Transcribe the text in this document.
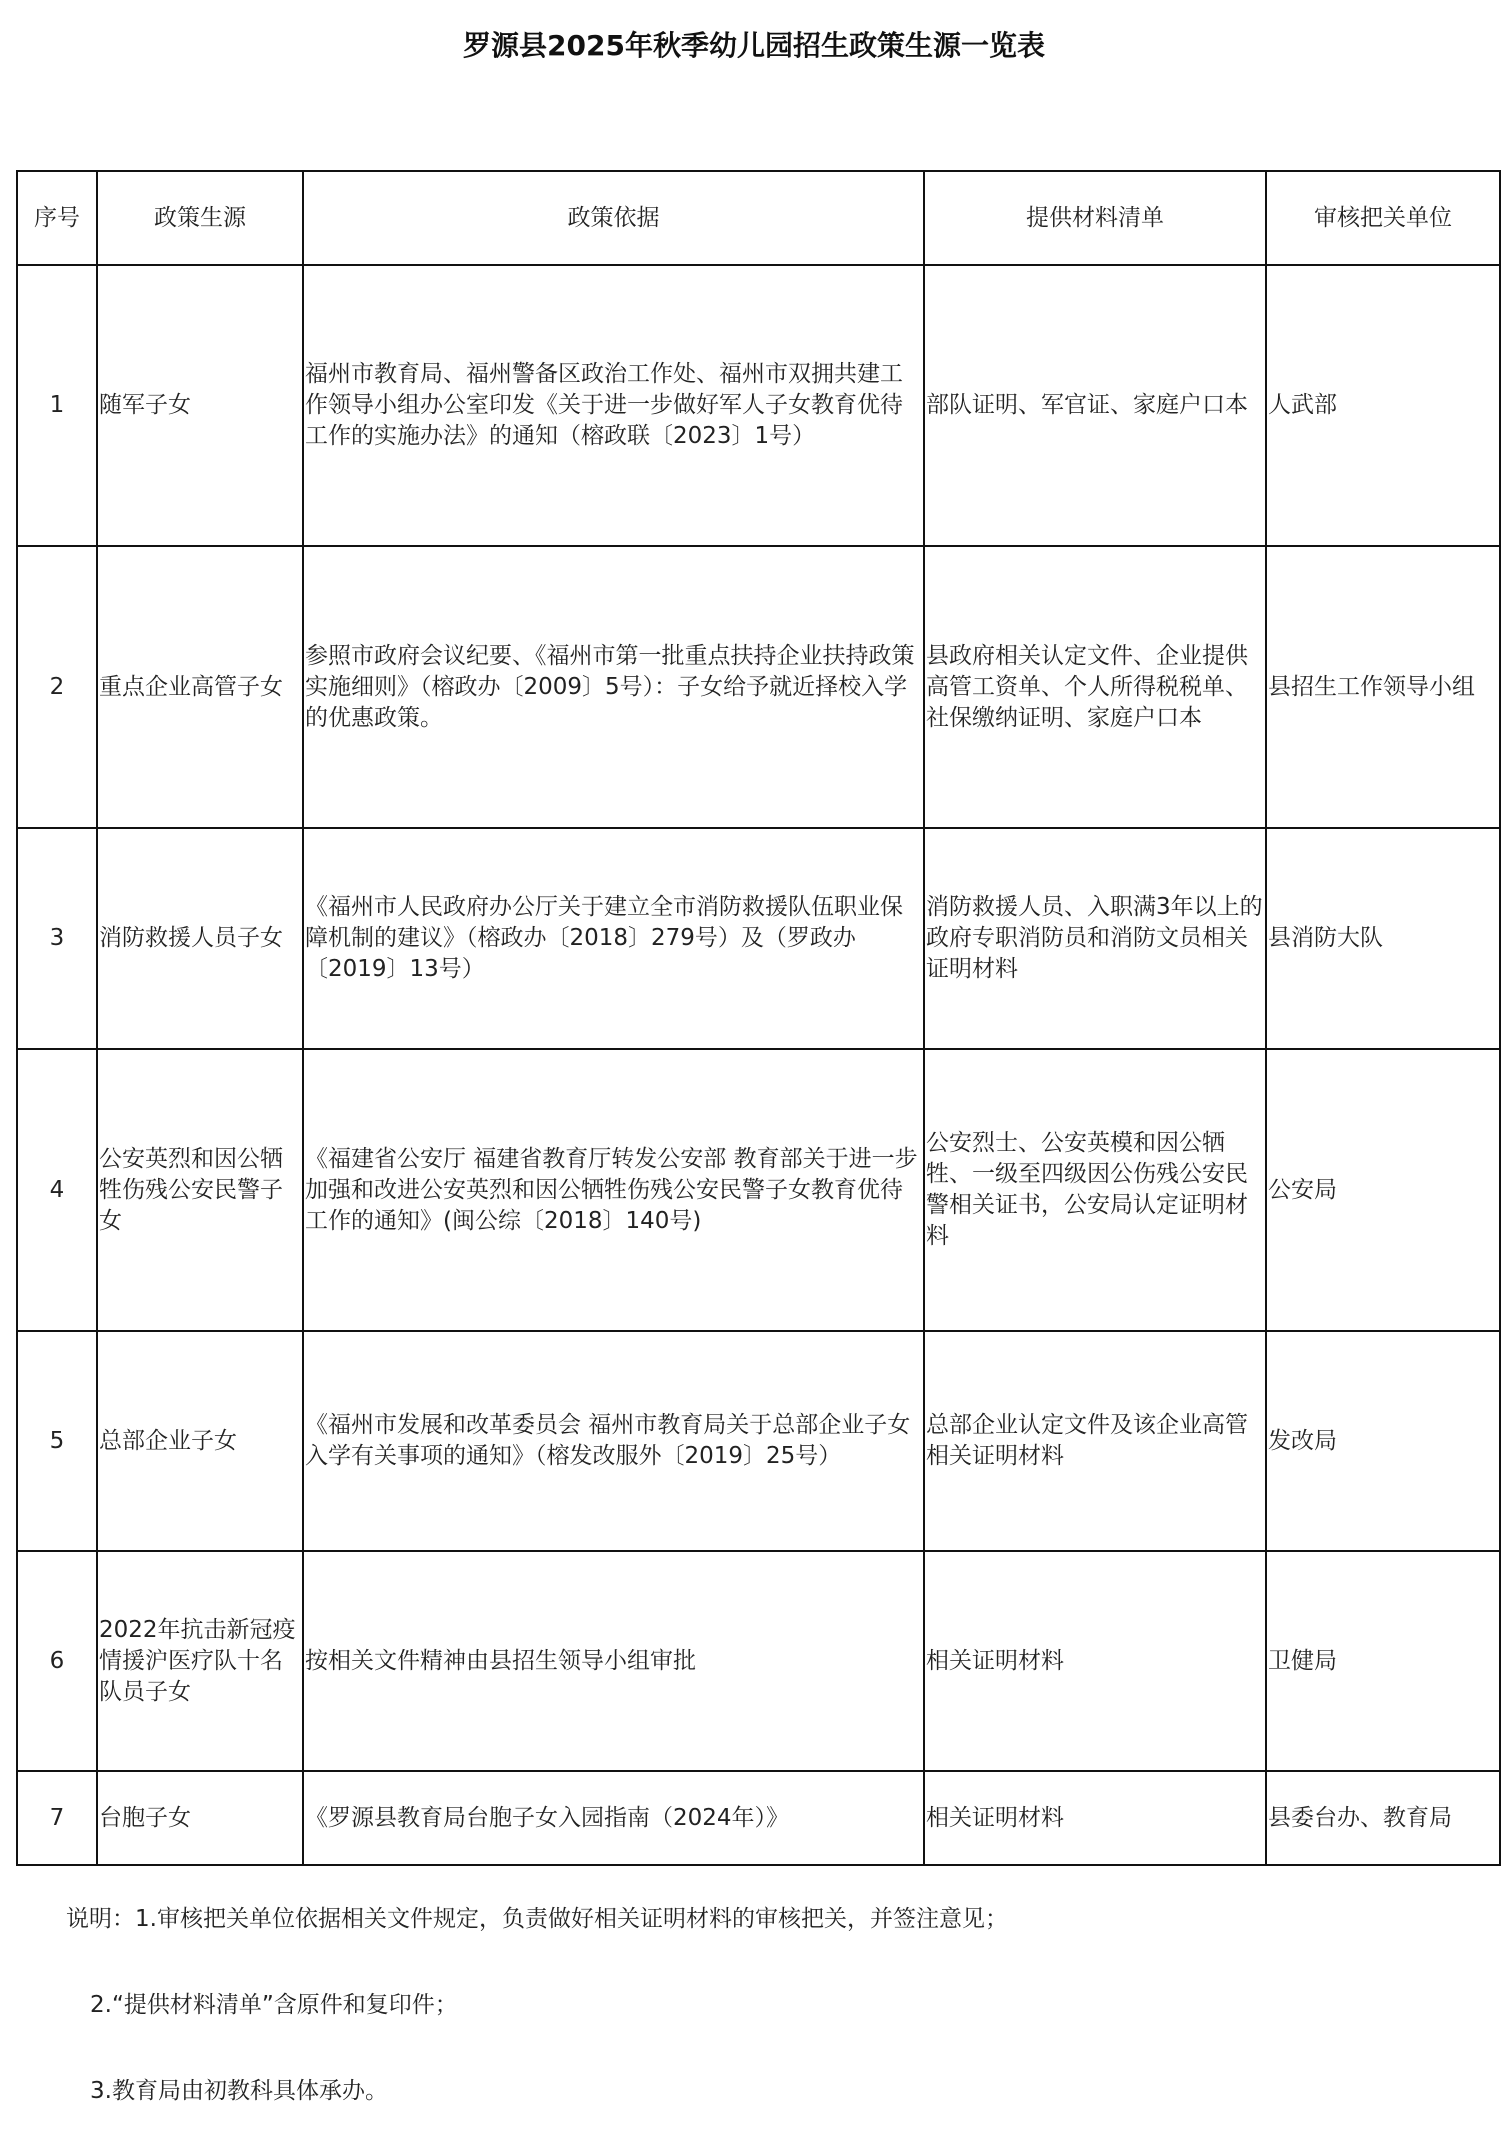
罗源县2025年秋季幼儿园招生政策生源一览表
序号	政策生源	政策依据	提供材料清单	审核把关单位
1	随军子女	福州市教育局、福州警备区政治工作处、福州市双拥共建工作领导小组办公室印发《关于进一步做好军人子女教育优待工作的实施办法》的通知（榕政联〔2023〕1号）	部队证明、军官证、家庭户口本	人武部
2	重点企业高管子女	参照市政府会议纪要、《福州市第一批重点扶持企业扶持政策实施细则》（榕政办〔2009〕5号）：子女给予就近择校入学的优惠政策。	县政府相关认定文件、企业提供高管工资单、个人所得税税单、社保缴纳证明、家庭户口本	县招生工作领导小组
3	消防救援人员子女	《福州市人民政府办公厅关于建立全市消防救援队伍职业保障机制的建议》（榕政办〔2018〕279号）及（罗政办〔2019〕13号）	消防救援人员、入职满3年以上的政府专职消防员和消防文员相关证明材料	县消防大队
4	公安英烈和因公牺牲伤残公安民警子女	《福建省公安厅 福建省教育厅转发公安部 教育部关于进一步加强和改进公安英烈和因公牺牲伤残公安民警子女教育优待工作的通知》(闽公综〔2018〕140号)	公安烈士、公安英模和因公牺牲、一级至四级因公伤残公安民警相关证书，公安局认定证明材料	公安局
5	总部企业子女	《福州市发展和改革委员会 福州市教育局关于总部企业子女入学有关事项的通知》（榕发改服外〔2019〕25号）	总部企业认定文件及该企业高管相关证明材料	发改局
6	2022年抗击新冠疫情援沪医疗队十名队员子女	按相关文件精神由县招生领导小组审批	相关证明材料	卫健局
7	台胞子女	《罗源县教育局台胞子女入园指南（2024年）》	相关证明材料	县委台办、教育局
说明：1.审核把关单位依据相关文件规定，负责做好相关证明材料的审核把关，并签注意见；
2.“提供材料清单”含原件和复印件；
3.教育局由初教科具体承办。
